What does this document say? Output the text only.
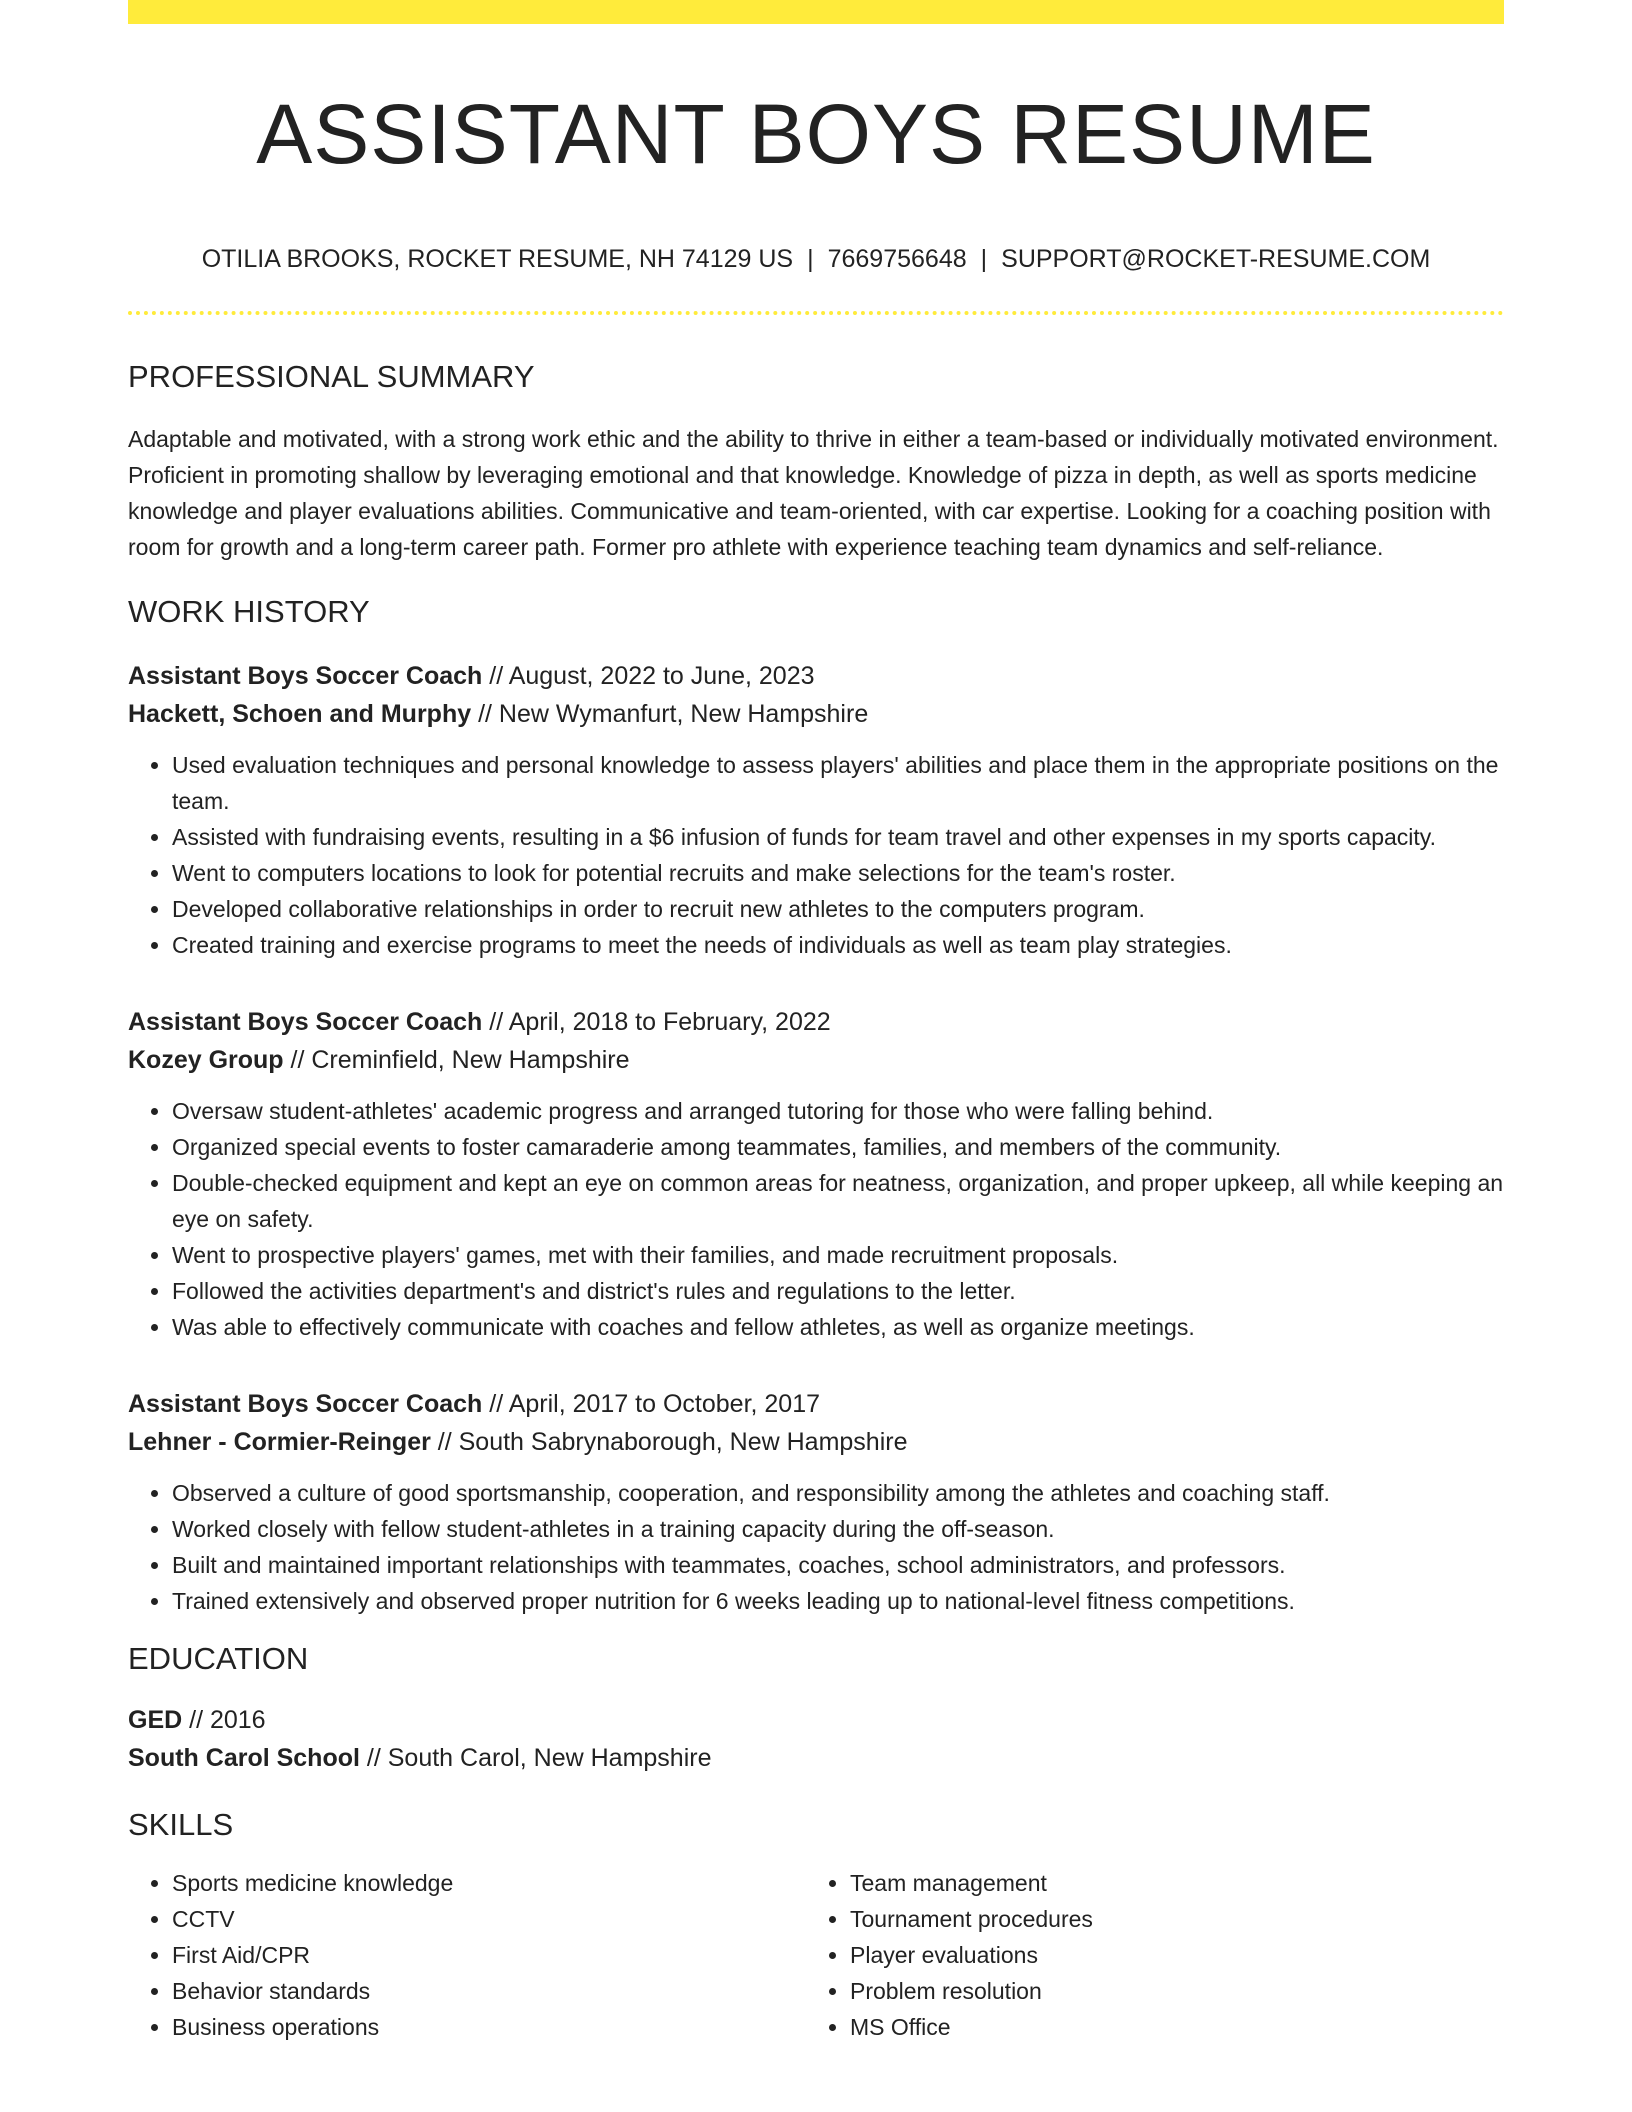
ASSISTANT BOYS RESUME
OTILIA BROOKS, ROCKET RESUME, NH 74129 US | 7669756648 | SUPPORT@ROCKET-RESUME.COM
PROFESSIONAL SUMMARY

Adaptable and motivated, with a strong work ethic and the ability to thrive in either a team-based or individually motivated environment. Proficient in promoting shallow by leveraging emotional and that knowledge. Knowledge of pizza in depth, as well as sports medicine knowledge and player evaluations abilities. Communicative and team-oriented, with car expertise. Looking for a coaching position with room for growth and a long-term career path. Former pro athlete with experience teaching team dynamics and self-reliance.

WORK HISTORY
Assistant Boys Soccer Coach // August, 2022 to June, 2023
Hackett, Schoen and Murphy // New Wymanfurt, New Hampshire
• Used evaluation techniques and personal knowledge to assess players' abilities and place them in the appropriate positions on the team.
• Assisted with fundraising events, resulting in a $6 infusion of funds for team travel and other expenses in my sports capacity.
• Went to computers locations to look for potential recruits and make selections for the team's roster.
• Developed collaborative relationships in order to recruit new athletes to the computers program.
• Created training and exercise programs to meet the needs of individuals as well as team play strategies.
Assistant Boys Soccer Coach // April, 2018 to February, 2022
Kozey Group // Creminfield, New Hampshire
• Oversaw student-athletes' academic progress and arranged tutoring for those who were falling behind.
• Organized special events to foster camaraderie among teammates, families, and members of the community.
• Double-checked equipment and kept an eye on common areas for neatness, organization, and proper upkeep, all while keeping an eye on safety.
• Went to prospective players' games, met with their families, and made recruitment proposals.
• Followed the activities department's and district's rules and regulations to the letter.
• Was able to effectively communicate with coaches and fellow athletes, as well as organize meetings.
Assistant Boys Soccer Coach // April, 2017 to October, 2017
Lehner - Cormier-Reinger // South Sabrynaborough, New Hampshire
• Observed a culture of good sportsmanship, cooperation, and responsibility among the athletes and coaching staff.
• Worked closely with fellow student-athletes in a training capacity during the off-season.
• Built and maintained important relationships with teammates, coaches, school administrators, and professors.
• Trained extensively and observed proper nutrition for 6 weeks leading up to national-level fitness competitions.
EDUCATION
GED // 2016
South Carol School // South Carol, New Hampshire
SKILLS
• Sports medicine knowledge
• CCTV
• First Aid/CPR
• Behavior standards
• Business operations
• Team management
• Tournament procedures
• Player evaluations
• Problem resolution
• MS Office
